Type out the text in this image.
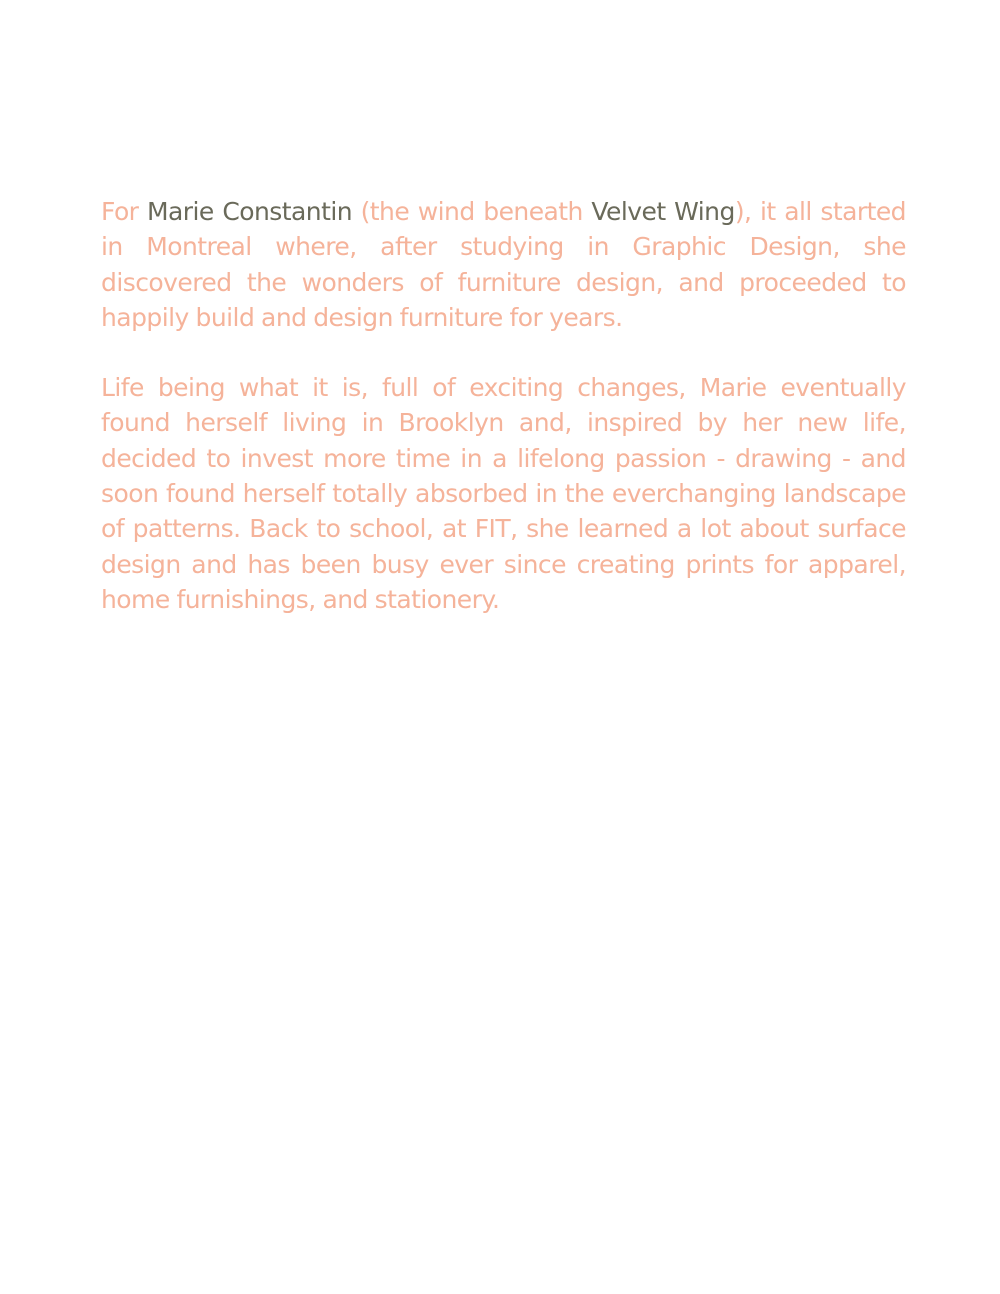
For Marie Constantin (the wind beneath Velvet Wing), it all started in Montreal where, after studying in Graphic Design, she discovered the wonders of furniture design, and proceeded to happily build and design furniture for years.

Life being what it is, full of exciting changes, Marie eventually found herself living in Brooklyn and, inspired by her new life, decided to invest more time in a lifelong passion - drawing - and soon found herself totally absorbed in the everchanging landscape of patterns. Back to school, at FIT, she learned a lot about surface design and has been busy ever since creating prints for apparel, home furnishings, and stationery.
